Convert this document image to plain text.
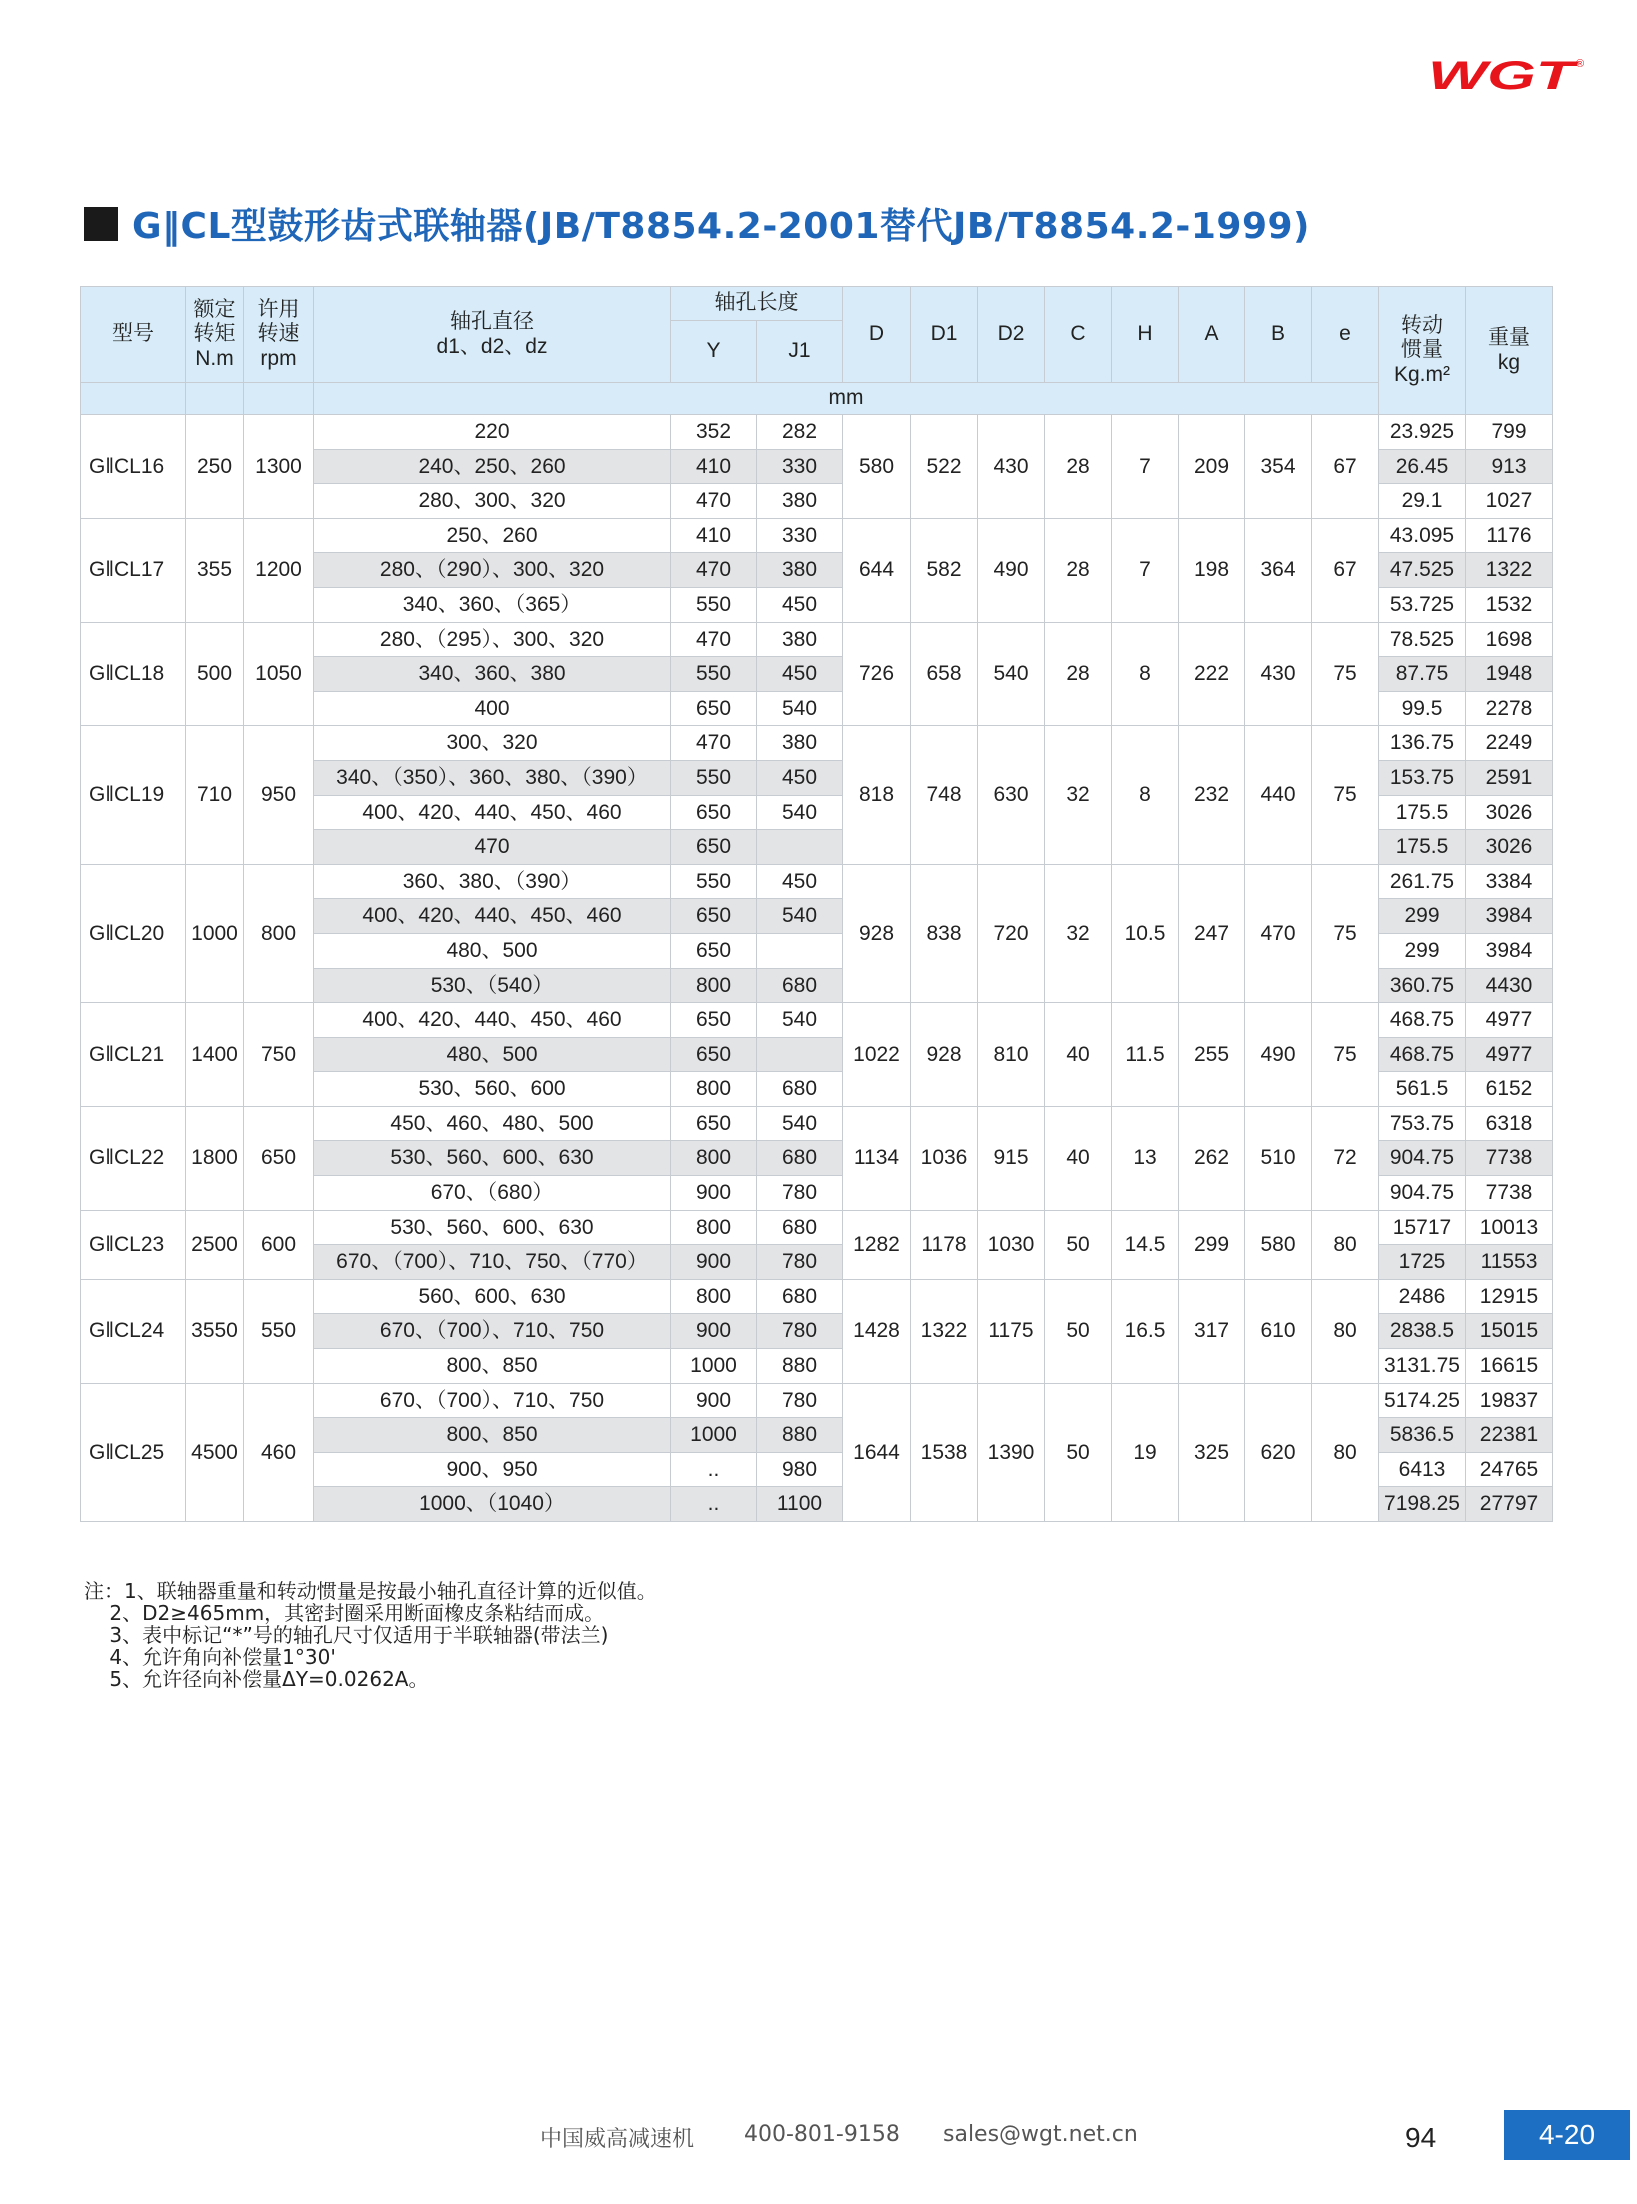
WGT
®
G‖CL型鼓形齿式联轴器(JB/T8854.2-2001替代JB/T8854.2-1999)
型号	额定
转矩
N.m	许用
转速
rpm	轴孔直径
d1、d2、dz	轴孔长度		D	D1	D2	C	H	A	B	e	转动
惯量
Kg.m²	重量
kg
				Y	J1										
			mm												
G‖CL16	250	1300	220	352	282	580	522	430	28	7	209	354	67	23.925	799
			240、250、260	410	330									26.45	913
			280、300、320	470	380									29.1	1027
G‖CL17	355	1200	250、260	410	330	644	582	490	28	7	198	364	67	43.095	1176
			280、（290）、300、320	470	380									47.525	1322
			340、360、（365）	550	450									53.725	1532
G‖CL18	500	1050	280、（295）、300、320	470	380	726	658	540	28	8	222	430	75	78.525	1698
			340、360、380	550	450									87.75	1948
			400	650	540									99.5	2278
G‖CL19	710	950	300、320	470	380	818	748	630	32	8	232	440	75	136.75	2249
			340、（350）、360、380、（390）	550	450									153.75	2591
			400、420、440、450、460	650	540									175.5	3026
			470	650										175.5	3026
G‖CL20	1000	800	360、380、（390）	550	450	928	838	720	32	10.5	247	470	75	261.75	3384
			400、420、440、450、460	650	540									299	3984
			480、500	650										299	3984
			530、（540）	800	680									360.75	4430
G‖CL21	1400	750	400、420、440、450、460	650	540	1022	928	810	40	11.5	255	490	75	468.75	4977
			480、500	650										468.75	4977
			530、560、600	800	680									561.5	6152
G‖CL22	1800	650	450、460、480、500	650	540	1134	1036	915	40	13	262	510	72	753.75	6318
			530、560、600、630	800	680									904.75	7738
			670、（680）	900	780									904.75	7738
G‖CL23	2500	600	530、560、600、630	800	680	1282	1178	1030	50	14.5	299	580	80	15717	10013
			670、（700）、710、750、（770）	900	780									1725	11553
G‖CL24	3550	550	560、600、630	800	680	1428	1322	1175	50	16.5	317	610	80	2486	12915
			670、（700）、710、750	900	780									2838.5	15015
			800、850	1000	880									3131.75	16615
G‖CL25	4500	460	670、（700）、710、750	900	780	1644	1538	1390	50	19	325	620	80	5174.25	19837
			800、850	1000	880									5836.5	22381
			900、950	..	980									6413	24765
			1000、（1040）	..	1100									7198.25	27797
注：1、联轴器重量和转动惯量是按最小轴孔直径计算的近似值。
2、D2≥465mm，其密封圈采用断面橡皮条粘结而成。
3、表中标记“*”号的轴孔尺寸仅适用于半联轴器(带法兰)
4、允许角向补偿量1°30'
5、允许径向补偿量ΔY=0.0262A。
中国威高减速机 400-801-9158 sales@wgt.net.cn	94	4-20
